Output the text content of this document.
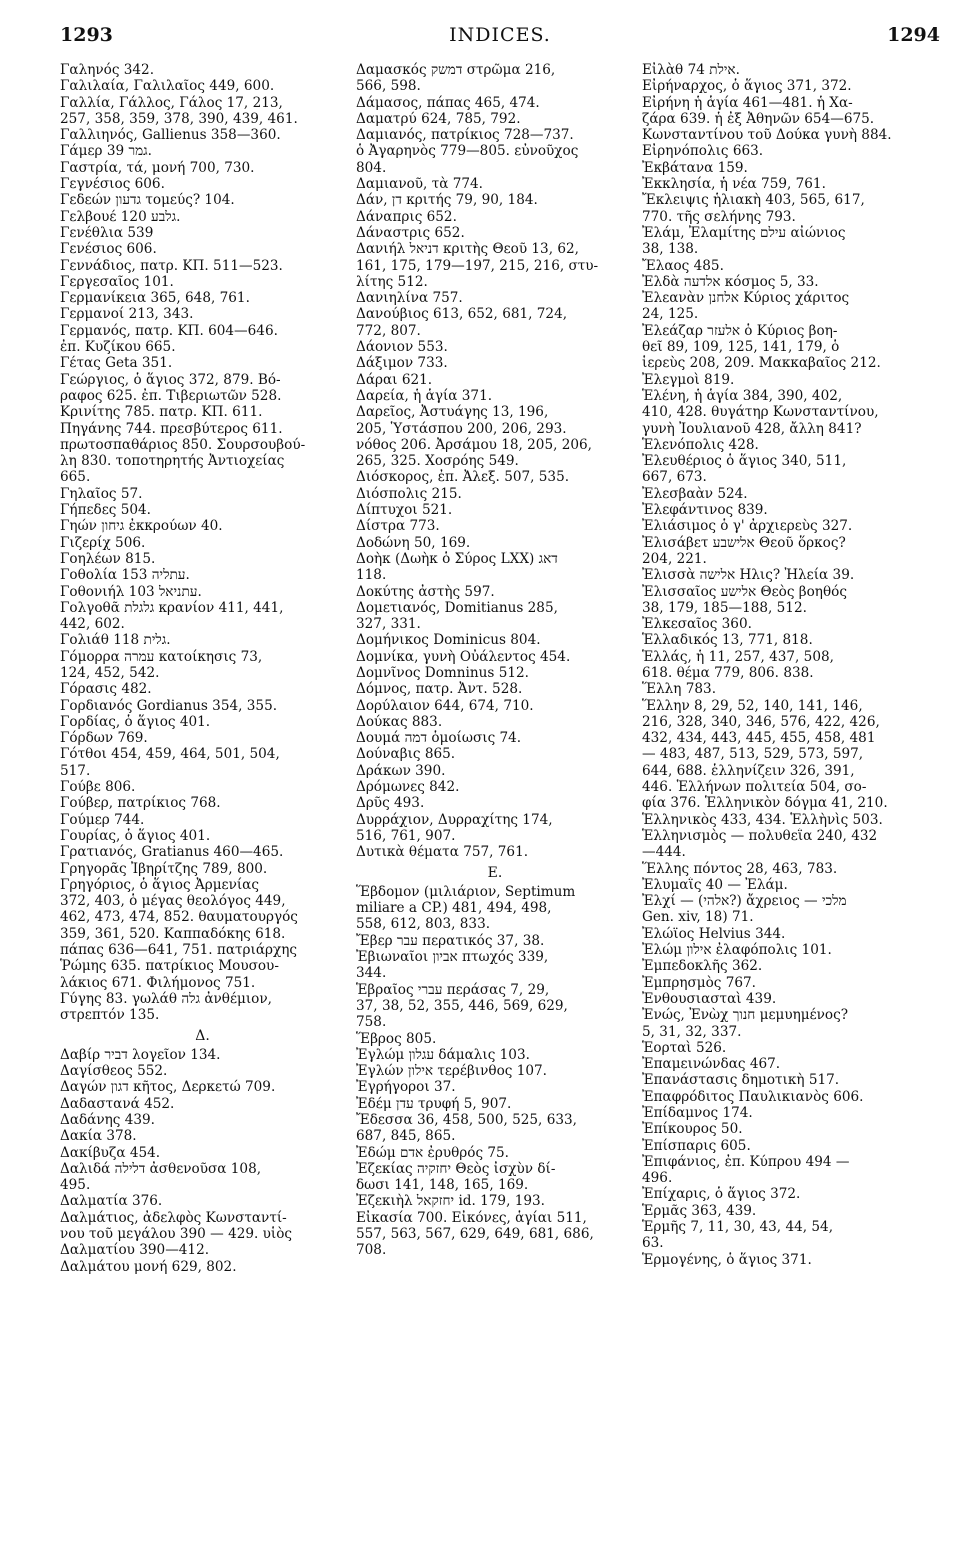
1293	INDICES.	1294
Γαληνός 342.
Γαλιλαία, Γαλιλαῖος 449, 600.
Γαλλία, Γάλλος, Γάλος 17, 213,
257, 358, 359, 378, 390, 439, 461.
Γαλλιηνός, Gallienus 358—360.
Γάμερ גמר 39.
Γαστρία, τά, μονή 700, 730.
Γεγνέσιος 606.
Γεδεών גדעון τομεύς? 104.
Γελβουέ גלבע 120.
Γενέθλια 539
Γενέσιος 606.
Γεννάδιος, πατρ. ΚΠ. 511—523.
Γεργεσαῖος 101.
Γερμανίκεια 365, 648, 761.
Γερμανοί 213, 343.
Γερμανός, πατρ. ΚΠ. 604—646.
ἐπ. Κυζίκου 665.
Γέτας Geta 351.
Γεώργιος, ὁ ἅγιος 372, 879. Βό-
ραφος 625. ἐπ. Τιβεριωτῶν 528.
Κρινίτης 785. πατρ. ΚΠ. 611.
Πηγάνης 744. πρεσβύτερος 611.
πρωτοσπαθάριος 850. Σουρσουβού-
λη 830. τοποτηρητής Ἀντιοχείας
665.
Γηλαῖος 57.
Γήπεδες 504.
Γηών גיחון ἐκκρούων 40.
Γιζερίχ 506.
Γοηλέων 815.
Γοθολία עתליה 153.
Γοθονιήλ עתניאל 103.
Γολγοθᾶ גלגלת κρανίον 411, 441,
442, 602.
Γολιάθ גלית 118.
Γόμορρα עמרה κατοίκησις 73,
124, 452, 542.
Γόρασις 482.
Γορδιανός Gordianus 354, 355.
Γορδίας, ὁ ἅγιος 401.
Γόρδων 769.
Γότθοι 454, 459, 464, 501, 504,
517.
Γούβε 806.
Γούβερ, πατρίκιος 768.
Γούμερ 744.
Γουρίας, ὁ ἅγιος 401.
Γρατιανός, Gratianus 460—465.
Γρηγορᾶς Ἰβηρίτζης 789, 800.
Γρηγόριος, ὁ ἅγιος Ἀρμενίας
372, 403, ὁ μέγας θεολόγος 449,
462, 473, 474, 852. θαυματουργός
359, 361, 520. Καππαδόκης 618.
πάπας 636—641, 751. πατριάρχης
Ῥώμης 635. πατρίκιος Μουσου-
λάκιος 671. Φιλήμονος 751.
Γύγης 83. γωλάθ גלה ἀνθέμιον,
στρεπτόν 135.
Δ.
Δαβίρ דביר λογεῖον 134.
Δαγίσθεος 552.
Δαγών דגון κῆτος, Δερκετώ 709.
Δαδαστανά 452.
Δαδάνης 439.
Δακία 378.
Δακίβυζα 454.
Δαλιδά דלילה ἀσθενοῦσα 108,
495.
Δαλματία 376.
Δαλμάτιος, ἀδελφὸς Κωνσταντί-
νου τοῦ μεγάλου 390 — 429. υἱὸς
Δαλματίου 390—412.
Δαλμάτου μονή 629, 802.
Δαμασκός דמשק στρῶμα 216,
566, 598.
Δάμασος, πάπας 465, 474.
Δαματρύ 624, 785, 792.
Δαμιανός, πατρίκιος 728—737.
ὁ Ἀγαρηνὸς 779—805. εὐνοῦχος
804.
Δαμιανοῦ, τὰ 774.
Δάν, דן κριτής 79, 90, 184.
Δάναπρις 652.
Δάναστρις 652.
Δανιήλ דניאל κριτὴς Θεοῦ 13, 62,
161, 175, 179—197, 215, 216, στυ-
λίτης 512.
Δανιηλίνα 757.
Δανούβιος 613, 652, 681, 724,
772, 807.
Δάονιον 553.
Δάξιμον 733.
Δάραι 621.
Δαρεία, ἡ ἁγία 371.
Δαρεῖος, Ἀστυάγης 13, 196,
205, Ὑστάσπου 200, 206, 293.
νόθος 206. Ἀρσάμου 18, 205, 206,
265, 325. Χοσρόης 549.
Διόσκορος, ἐπ. Ἀλεξ. 507, 535.
Διόσπολις 215.
Δίπτυχοι 521.
Δίστρα 773.
Δοδώνη 50, 169.
Δοὴκ (Δωὴκ ὁ Σύρος LXX) דאג
118.
Δοκύτης ἀστὴς 597.
Δομετιανός, Domitianus 285,
327, 331.
Δομήνικος Dominicus 804.
Δομνίκα, γυνὴ Οὐάλεντος 454.
Δομνῖνος Domninus 512.
Δόμνος, πατρ. Ἀντ. 528.
Δορύλαιον 644, 674, 710.
Δούκας 883.
Δουμά דמה ὁμοίωσις 74.
Δούναβις 865.
Δράκων 390.
Δρόμωνες 842.
Δρῦς 493.
Δυρράχιον, Δυρραχίτης 174,
516, 761, 907.
Δυτικὰ θέματα 757, 761.
Ε.
Ἕβδομον (μιλιάριον, Septimum
miliare a CP.) 481, 494, 498,
558, 612, 803, 833.
Ἔβερ עבר περατικός 37, 38.
Ἐβιωναῖοι אביון πτωχός 339,
344.
Ἑβραῖος עברי περάσας 7, 29,
37, 38, 52, 355, 446, 569, 629,
758.
Ἕβρος 805.
Ἐγλώμ עגלון δάμαλις 103.
Ἐγλών אילון τερέβινθος 107.
Ἐγρήγοροι 37.
Ἐδέμ עדן τρυφή 5, 907.
Ἔδεσσα 36, 458, 500, 525, 633,
687, 845, 865.
Ἐδώμ אדם ἐρυθρός 75.
Ἐζεκίας יחזקיה Θεὸς ἰσχὺν δί-
δωσι 141, 148, 165, 169.
Ἐζεκιὴλ יחזקאל id. 179, 193.
Εἰκασία 700. Εἰκόνες, ἁγίαι 511,
557, 563, 567, 629, 649, 681, 686,
708.
Εἰλὰθ אילת 74.
Εἰρήναρχος, ὁ ἅγιος 371, 372.
Εἰρήνη ἡ ἁγία 461—481. ἡ Χα-
ζάρα 639. ἡ ἐξ Ἀθηνῶν 654—675.
Κωνσταντίνου τοῦ Δούκα γυνὴ 884.
Εἰρηνόπολις 663.
Ἐκβάτανα 159.
Ἐκκλησία, ἡ νέα 759, 761.
Ἔκλειψις ἡλιακὴ 403, 565, 617,
770. τῆς σελήνης 793.
Ἐλάμ, Ἐλαμίτης עילם αἰώνιος
38, 138.
Ἔλαος 485.
Ἐλδὰ אלדעה κόσμος 5, 33.
Ἐλεανὰν אלחנן Κύριος χάριτος
24, 125.
Ἐλεάζαρ אלעזר ὁ Κύριος βοη-
θεῖ 89, 109, 125, 141, 179, ὁ
ἱερεὺς 208, 209. Μακκαβαῖος 212.
Ἐλεγμοὶ 819.
Ἑλένη, ἡ ἁγία 384, 390, 402,
410, 428. θυγάτηρ Κωνσταντίνου,
γυνὴ Ἰουλιανοῦ 428, ἄλλη 841?
Ἑλενόπολις 428.
Ἐλευθέριος ὁ ἅγιος 340, 511,
667, 673.
Ἐλεσβαὰν 524.
Ἐλεφάντινος 839.
Ἐλιάσιμος ὁ γ' ἀρχιερεὺς 327.
Ἐλισάβετ אלישבע Θεοῦ ὅρκος?
204, 221.
Ἐλισσὰ אלישה Ηλις? Ἠλεία 39.
Ἐλισσαῖος אלישע Θεὸς βοηθός
38, 179, 185—188, 512.
Ἐλκεσαῖος 360.
Ἑλλαδικός 13, 771, 818.
Ἑλλάς, ἡ 11, 257, 437, 508,
618. θέμα 779, 806. 838.
Ἕλλη 783.
Ἕλλην 8, 29, 52, 140, 141, 146,
216, 328, 340, 346, 576, 422, 426,
432, 434, 443, 445, 455, 458, 481
— 483, 487, 513, 529, 573, 597,
644, 688. ἑλληνίζειν 326, 391,
446. Ἑλλήνων πολιτεία 504, σο-
φία 376. Ἑλληνικὸν δόγμα 41, 210.
Ἑλληνικὸς 433, 434. Ἑλλὴνὶς 503.
Ἑλληνισμὸς — πολυθεΐα 240, 432
—444.
Ἕλλης πόντος 28, 463, 783.
Ἐλυμαΐς 40 — Ἐλάμ.
Ἐλχί — (אלהי?) ἄχρειος — מלכי
Gen. xiv, 18) 71.
Ἐλώϊος Helvius 344.
Ἐλώμ אילון ἐλαφόπολις 101.
Ἐμπεδοκλῆς 362.
Ἐμπρησμὸς 767.
Ἐνθουσιασταὶ 439.
Ἐνώς, Ἐνὼχ חנוך μεμυημένος?
5, 31, 32, 337.
Ἑορταὶ 526.
Ἐπαμεινώνδας 467.
Ἐπανάστασις δημοτικὴ 517.
Ἐπαφρόδιτος Παυλικιανὸς 606.
Ἐπίδαμνος 174.
Ἐπίκουρος 50.
Ἐπίσπαρις 605.
Ἐπιφάνιος, ἐπ. Κύπρου 494 —
496.
Ἐπίχαρις, ὁ ἅγιος 372.
Ἑρμᾶς 363, 439.
Ἑρμῆς 7, 11, 30, 43, 44, 54,
63.
Ἑρμογένης, ὁ ἅγιος 371.
